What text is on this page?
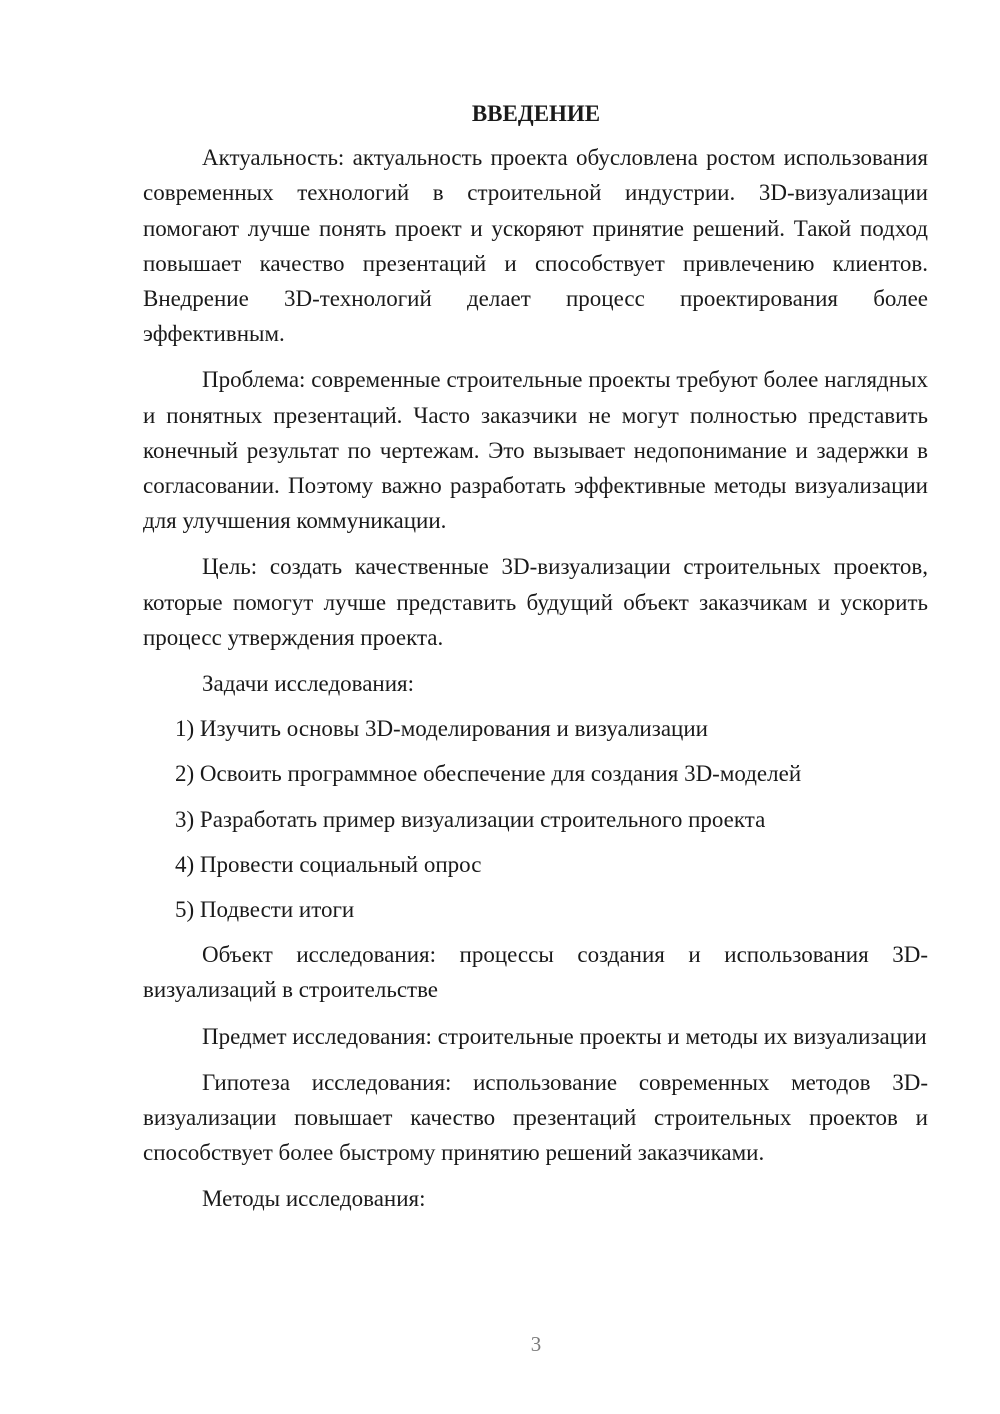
ВВЕДЕНИЕ

Актуальность: актуальность проекта обусловлена ростом использования современных технологий в строительной индустрии. 3D-визуализации помогают лучше понять проект и ускоряют принятие решений. Такой подход повышает качество презентаций и способствует привлечению клиентов. Внедрение 3D-технологий делает процесс проектирования более эффективным.

Проблема: современные строительные проекты требуют более наглядных и понятных презентаций. Часто заказчики не могут полностью представить конечный результат по чертежам. Это вызывает недопонимание и задержки в согласовании. Поэтому важно разработать эффективные методы визуализации для улучшения коммуникации.

Цель: создать качественные 3D-визуализации строительных проектов, которые помогут лучше представить будущий объект заказчикам и ускорить процесс утверждения проекта.

Задачи исследования:

1) Изучить основы 3D-моделирования и визуализации
2) Освоить программное обеспечение для создания 3D-моделей
3) Разработать пример визуализации строительного проекта
4) Провести социальный опрос
5) Подвести итоги

Объект исследования: процессы создания и использования 3D-визуализаций в строительстве

Предмет исследования: строительные проекты и методы их визуализации

Гипотеза исследования: использование современных методов 3D-визуализации повышает качество презентаций строительных проектов и способствует более быстрому принятию решений заказчиками.

Методы исследования:

3
